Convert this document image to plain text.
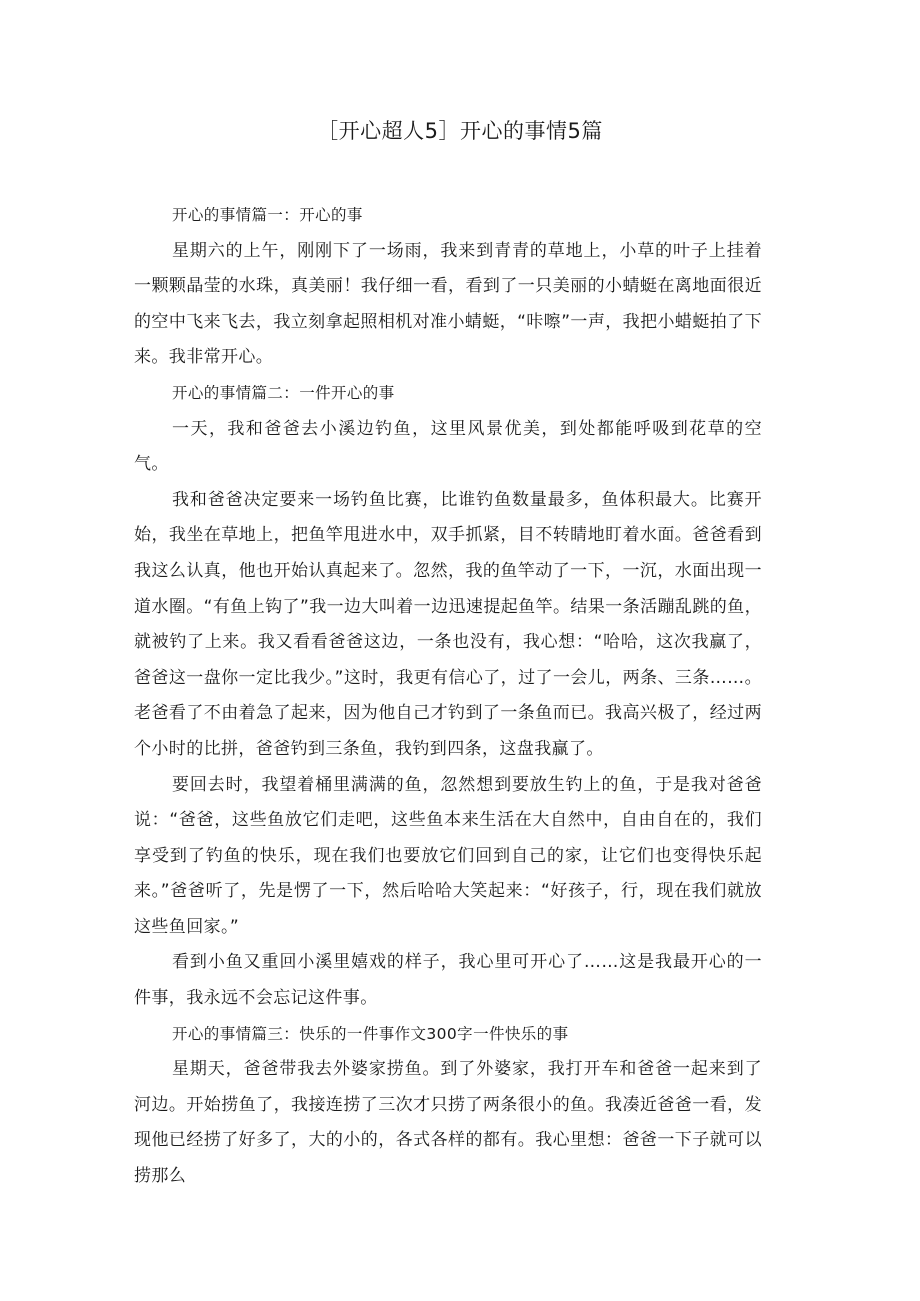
［开心超人5］开心的事情5篇

开心的事情篇一：开心的事

星期六的上午，刚刚下了一场雨，我来到青青的草地上，小草的叶子上挂着一颗颗晶莹的水珠，真美丽！我仔细一看，看到了一只美丽的小蜻蜓在离地面很近的空中飞来飞去，我立刻拿起照相机对准小蜻蜓，“咔嚓”一声，我把小蜡蜓拍了下来。我非常开心。

开心的事情篇二：一件开心的事

一天，我和爸爸去小溪边钓鱼，这里风景优美，到处都能呼吸到花草的空气。

我和爸爸决定要来一场钓鱼比赛，比谁钓鱼数量最多，鱼体积最大。比赛开始，我坐在草地上，把鱼竿甩进水中，双手抓紧，目不转睛地盯着水面。爸爸看到我这么认真，他也开始认真起来了。忽然，我的鱼竿动了一下，一沉，水面出现一道水圈。“有鱼上钩了”我一边大叫着一边迅速提起鱼竿。结果一条活蹦乱跳的鱼，就被钓了上来。我又看看爸爸这边，一条也没有，我心想：“哈哈，这次我赢了，爸爸这一盘你一定比我少。”这时，我更有信心了，过了一会儿，两条、三条……。老爸看了不由着急了起来，因为他自己才钓到了一条鱼而已。我高兴极了，经过两个小时的比拼，爸爸钓到三条鱼，我钓到四条，这盘我赢了。

要回去时，我望着桶里满满的鱼，忽然想到要放生钓上的鱼，于是我对爸爸说：“爸爸，这些鱼放它们走吧，这些鱼本来生活在大自然中，自由自在的，我们享受到了钓鱼的快乐，现在我们也要放它们回到自己的家，让它们也变得快乐起来。”爸爸听了，先是愣了一下，然后哈哈大笑起来：“好孩子，行，现在我们就放这些鱼回家。”

看到小鱼又重回小溪里嬉戏的样子，我心里可开心了……这是我最开心的一件事，我永远不会忘记这件事。

开心的事情篇三：快乐的一件事作文300字一件快乐的事

星期天，爸爸带我去外婆家捞鱼。到了外婆家，我打开车和爸爸一起来到了河边。开始捞鱼了，我接连捞了三次才只捞了两条很小的鱼。我凑近爸爸一看，发现他已经捞了好多了，大的小的，各式各样的都有。我心里想：爸爸一下子就可以捞那么
